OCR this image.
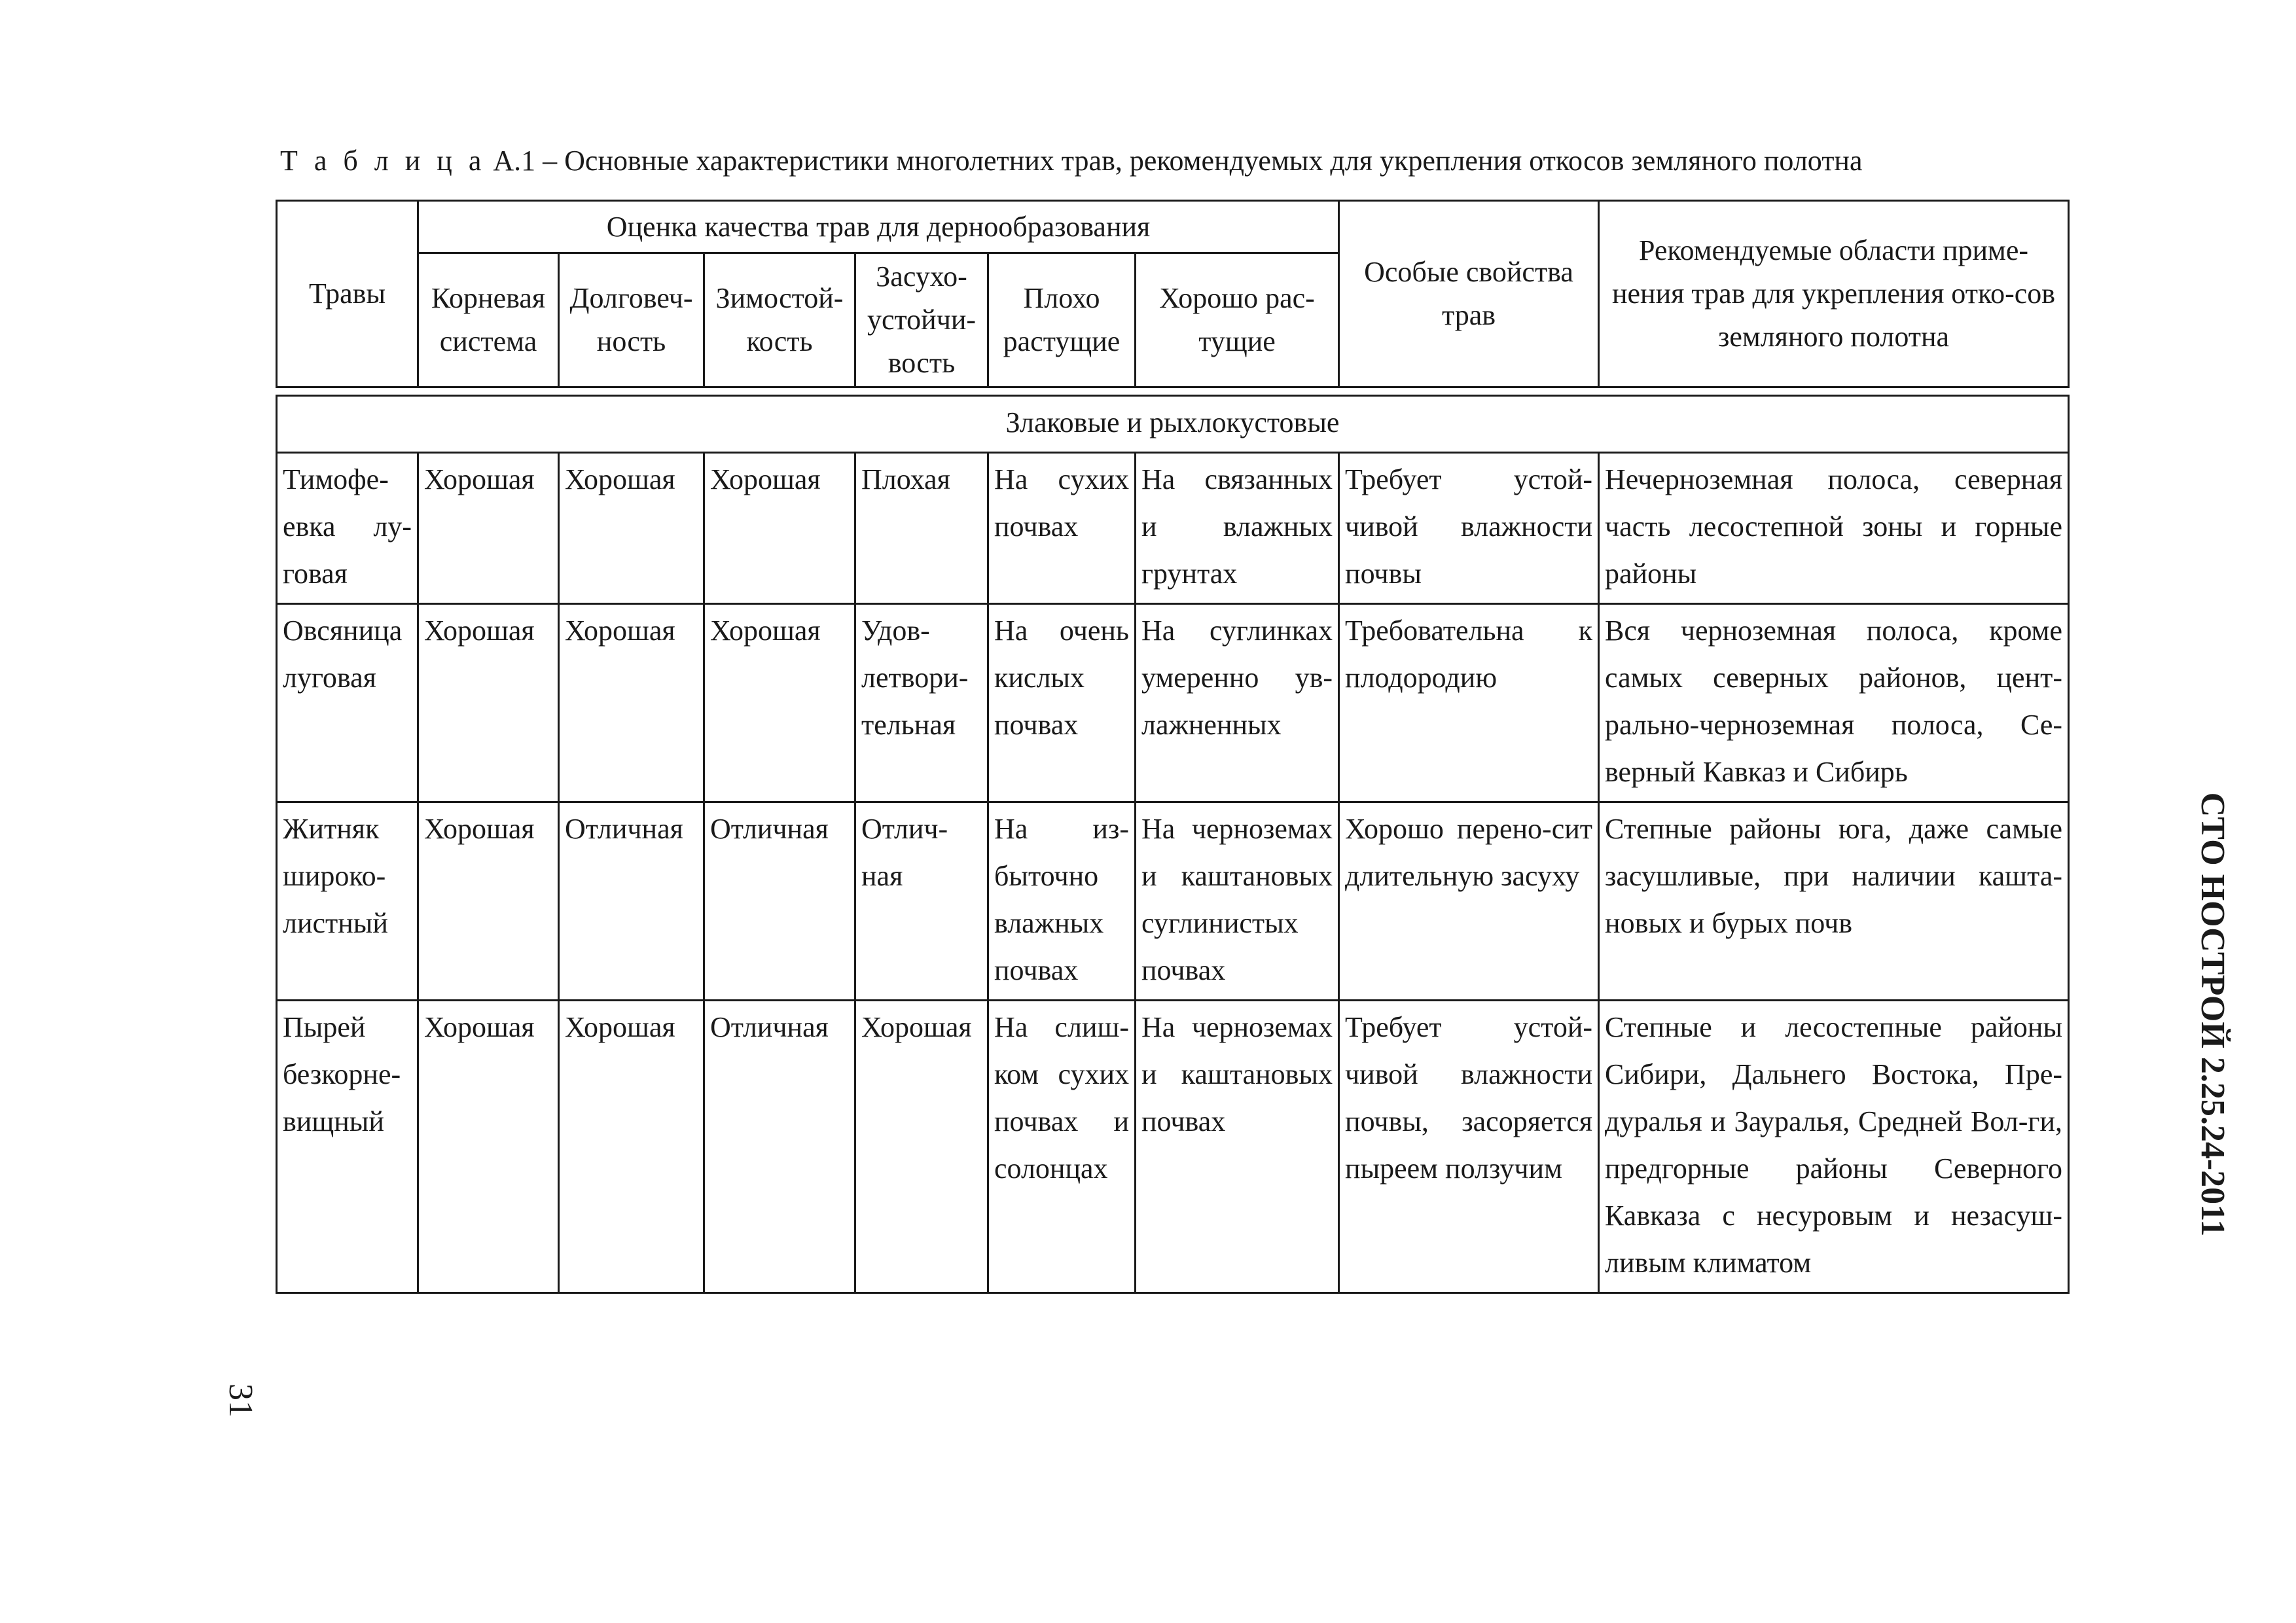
Т а б л и ц а А.1 – Основные характеристики многолетних трав, рекомендуемых для укрепления откосов земляного полотна
Травы	Оценка качества трав для дернообразования						Особые свойства трав	Рекомендуемые области приме-нения трав для укрепления отко-сов земляного полотна
	Корневая система	Долговеч-ность	Зимостой-кость	Засухо-устойчи-вость	Плохо растущие	Хорошо рас-тущие		

Злаковые и рыхлокустовые								
Тимофе-евка лу-говая	Хорошая	Хорошая	Хорошая	Плохая	На сухих почвах	На связанных и влажных грунтах	Требует устой-чивой влажности почвы	Нечерноземная полоса, северная часть лесостепной зоны и горные районы
Овсяница луговая	Хорошая	Хорошая	Хорошая	Удов-летвори-тельная	На очень кислых почвах	На суглинках умеренно ув-лажненных	Требовательна к плодородию	Вся черноземная полоса, кроме самых северных районов, цент-рально-черноземная полоса, Се-верный Кавказ и Сибирь
Житняк широко-листный	Хорошая	Отличная	Отличная	Отлич-ная	На из-быточно влажных почвах	На черноземах и каштановых суглинистых почвах	Хорошо перено-сит длительную засуху	Степные районы юга, даже самые засушливые, при наличии кашта-новых и бурых почв
Пырей безкорне-вищный	Хорошая	Хорошая	Отличная	Хорошая	На слиш-ком сухих почвах и солонцах	На черноземах и каштановых почвах	Требует устой-чивой влажности почвы, засоряется пыреем ползучим	Степные и лесостепные районы Сибири, Дальнего Востока, Пре-дуралья и Зауралья, Средней Вол-ги, предгорные районы Северного Кавказа с несуровым и незасуш-ливым климатом
СТО НОСТРОЙ 2.25.24-2011
31
